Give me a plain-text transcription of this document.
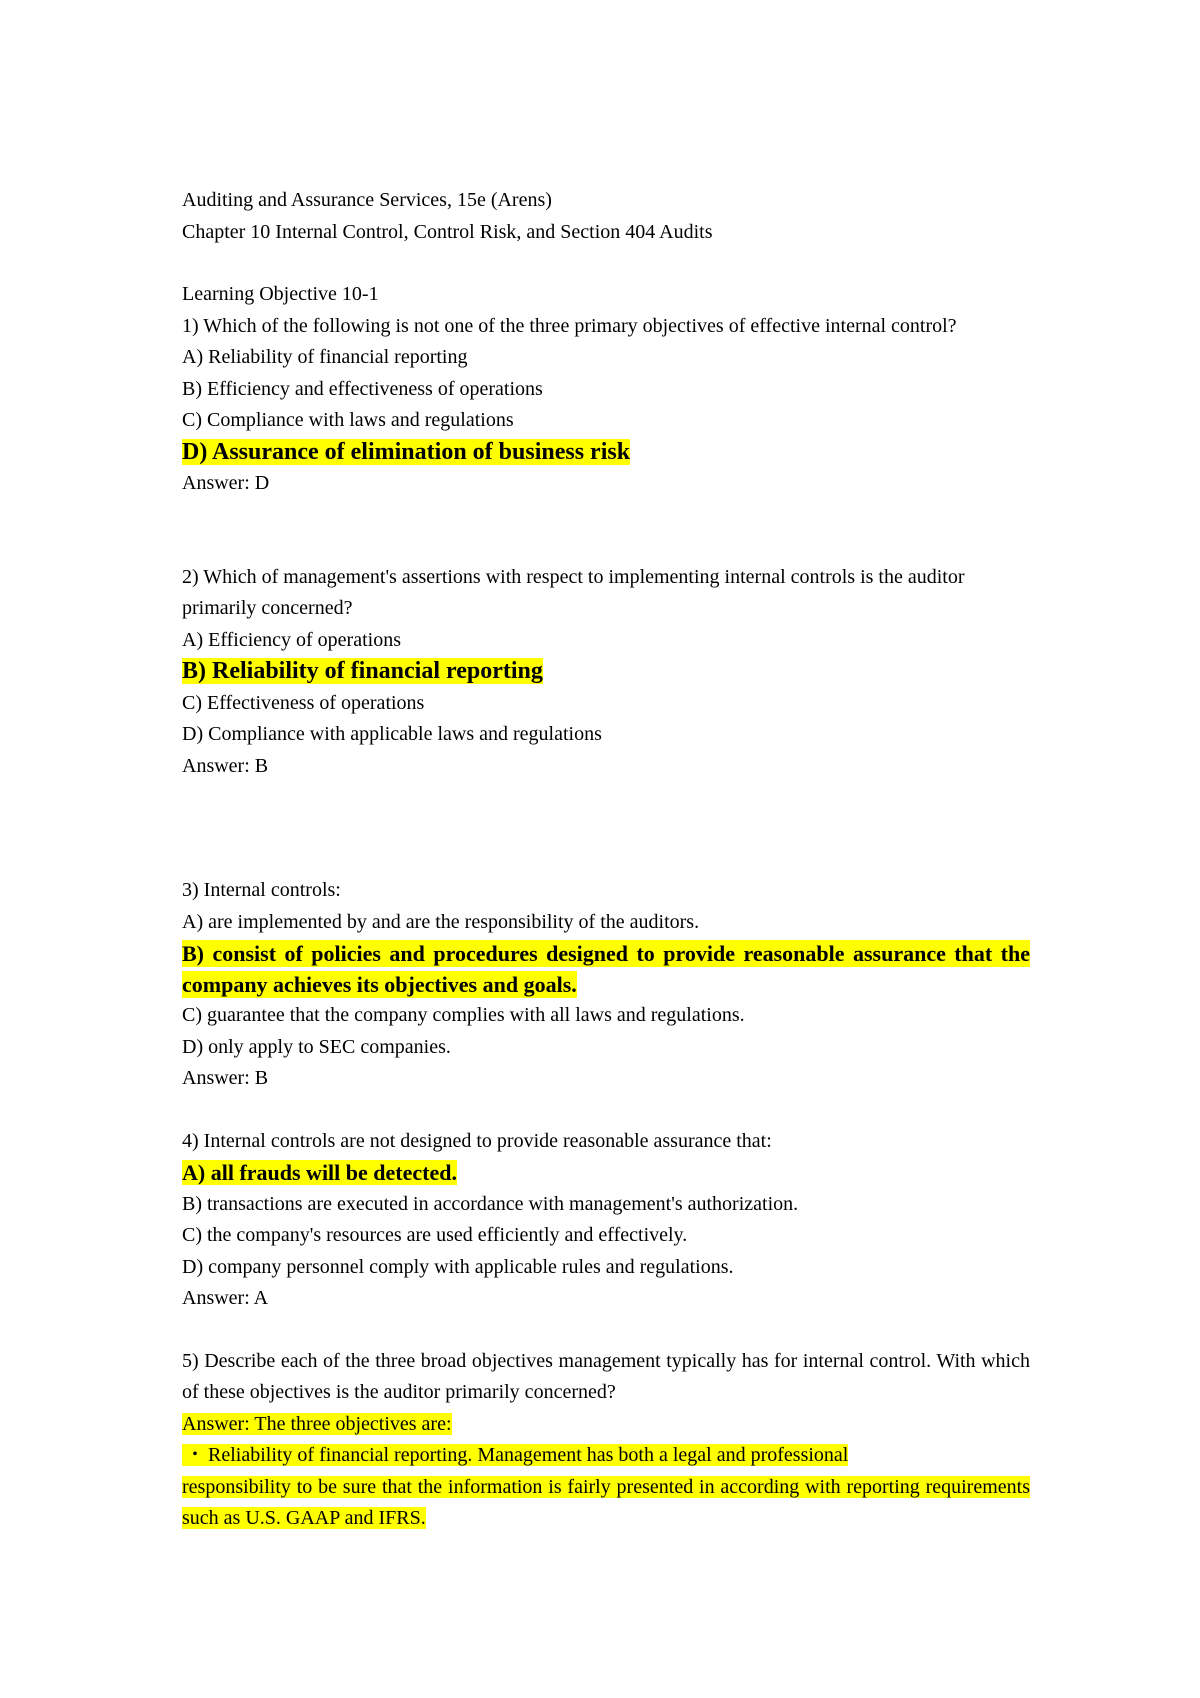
Auditing and Assurance Services, 15e (Arens)
Chapter 10 Internal Control, Control Risk, and Section 404 Audits
Learning Objective 10-1
1) Which of the following is not one of the three primary objectives of effective internal control?
A) Reliability of financial reporting
B) Efficiency and effectiveness of operations
C) Compliance with laws and regulations
D) Assurance of elimination of business risk
Answer: D
2) Which of management's assertions with respect to implementing internal controls is the auditor
primarily concerned?
A) Efficiency of operations
B) Reliability of financial reporting
C) Effectiveness of operations
D) Compliance with applicable laws and regulations
Answer: B
3) Internal controls:
A) are implemented by and are the responsibility of the auditors.
B) consist of policies and procedures designed to provide reasonable assurance that the company achieves its objectives and goals.
C) guarantee that the company complies with all laws and regulations.
D) only apply to SEC companies.
Answer: B
4) Internal controls are not designed to provide reasonable assurance that:
A) all frauds will be detected.
B) transactions are executed in accordance with management's authorization.
C) the company's resources are used efficiently and effectively.
D) company personnel comply with applicable rules and regulations.
Answer: A
5) Describe each of the three broad objectives management typically has for internal control. With which of these objectives is the auditor primarily concerned?
Answer: The three objectives are:
・ Reliability of financial reporting. Management has both a legal and professional
responsibility to be sure that the information is fairly presented in according with reporting requirements such as U.S. GAAP and IFRS.
